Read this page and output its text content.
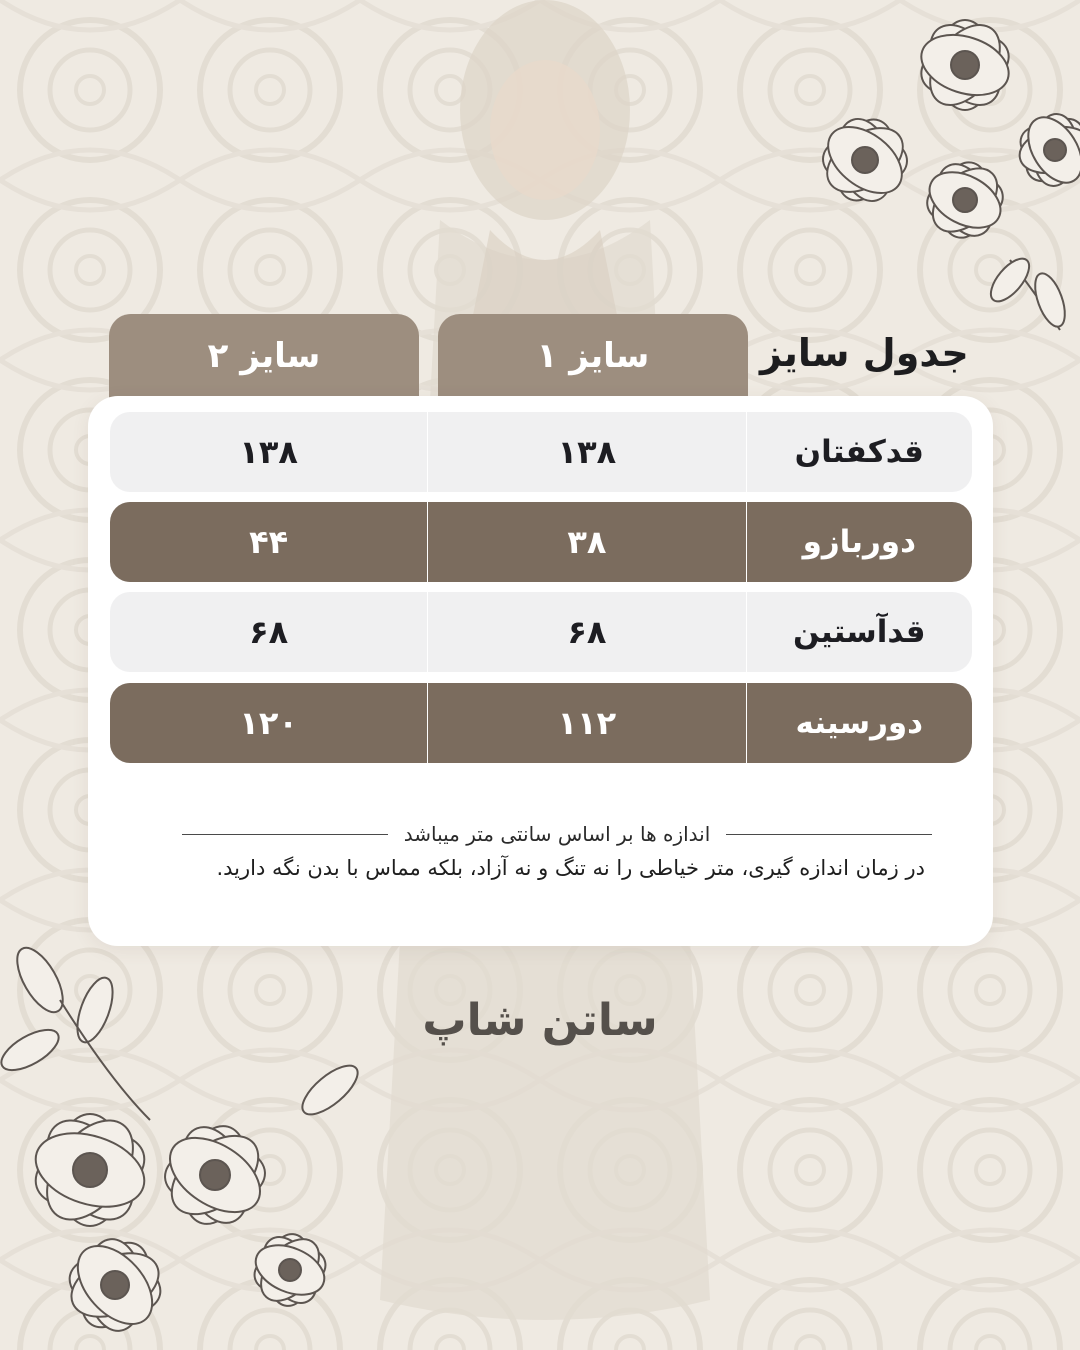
جدول سایز
سایز ۱
سایز ۲
۱۳۸	۱۳۸	قدکفتان
۴۴	۳۸	دوربازو
۶۸	۶۸	قدآستین
۱۲۰	۱۱۲	دورسینه
اندازه ها بر اساس سانتی متر میباشد
در زمان اندازه گیری، متر خیاطی را نه تنگ و نه آزاد، بلکه مماس با بدن نگه دارید.
ساتن شاپ
